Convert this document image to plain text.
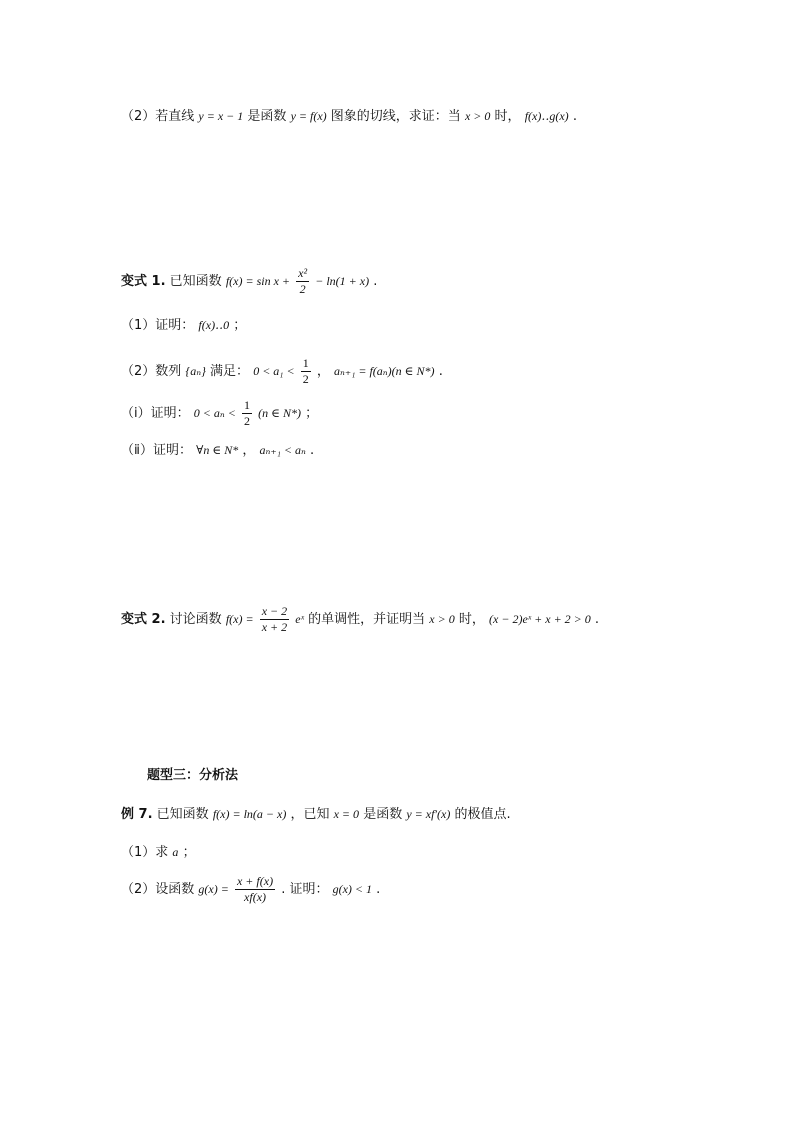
（2）若直线 y = x − 1 是函数 y = f(x) 图象的切线，求证：当 x > 0 时， f(x)‥g(x) .
变式 1. 已知函数 $f(x) = \sin x + \frac{\text{x²}}{2} - \ln(1 + x)$ .
（1）证明： f(x)‥0 ；
（2）数列 {aₙ} 满足： $0 < a_1 < \frac{1}{2}$ ， aₙ₊₁ = f(aₙ)(n ∈ N*) .
（ⅰ）证明： $0 < a_n < \frac{1}{2} (n$ ∈ N*) ；
（ⅱ）证明： ∀n ∈ N* ， aₙ₊₁ < aₙ .
变式 2. 讨论函数 $f(x) = \frac{x - 2}{x + 2}$ eˣ 的单调性，并证明当 x > 0 时， (x − 2)eˣ + x + 2 > 0 .
题型三：分析法
例 7. 已知函数 f(x) = ln(a − x) ，已知 x = 0 是函数 y = xf′(x) 的极值点.
（1）求 a ；
（2）设函数 $g(x) = \frac{x + f(x)}{xf(x)}$ . 证明： g(x) < 1 .
